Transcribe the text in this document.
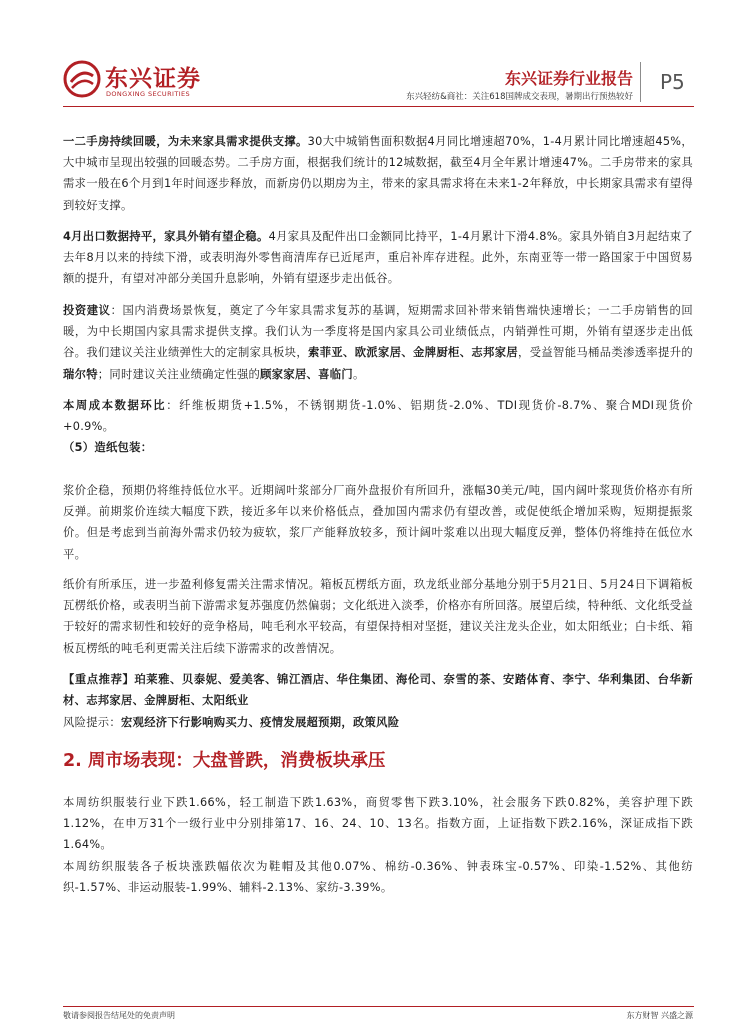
东兴证券
DONGXING SECURITIES
东兴证券行业报告
东兴轻纺&商社：关注618国牌成交表现，暑期出行预热较好
P5
一二手房持续回暖，为未来家具需求提供支撑。30大中城销售面积数据4月同比增速超70%，1-4月累计同比增速超45%，大中城市呈现出较强的回暖态势。二手房方面，根据我们统计的12城数据，截至4月全年累计增速47%。二手房带来的家具需求一般在6个月到1年时间逐步释放，而新房仍以期房为主，带来的家具需求将在未来1-2年释放，中长期家具需求有望得到较好支撑。
4月出口数据持平，家具外销有望企稳。4月家具及配件出口金额同比持平，1-4月累计下滑4.8%。家具外销自3月起结束了去年8月以来的持续下滑，或表明海外零售商清库存已近尾声，重启补库存进程。此外，东南亚等一带一路国家于中国贸易额的提升，有望对冲部分美国升息影响，外销有望逐步走出低谷。
投资建议：国内消费场景恢复，奠定了今年家具需求复苏的基调，短期需求回补带来销售端快速增长；一二手房销售的回暖，为中长期国内家具需求提供支撑。我们认为一季度将是国内家具公司业绩低点，内销弹性可期，外销有望逐步走出低谷。我们建议关注业绩弹性大的定制家具板块，索菲亚、欧派家居、金牌厨柜、志邦家居，受益智能马桶品类渗透率提升的瑞尔特；同时建议关注业绩确定性强的顾家家居、喜临门。
本周成本数据环比：纤维板期货+1.5%，不锈钢期货-1.0%、铝期货-2.0%、TDI现货价-8.7%、聚合MDI现货价+0.9%。
（5）造纸包装：
浆价企稳，预期仍将维持低位水平。近期阔叶浆部分厂商外盘报价有所回升，涨幅30美元/吨，国内阔叶浆现货价格亦有所反弹。前期浆价连续大幅度下跌，接近多年以来价格低点，叠加国内需求仍有望改善，或促使纸企增加采购，短期提振浆价。但是考虑到当前海外需求仍较为疲软，浆厂产能释放较多，预计阔叶浆难以出现大幅度反弹，整体仍将维持在低位水平。
纸价有所承压，进一步盈利修复需关注需求情况。箱板瓦楞纸方面，玖龙纸业部分基地分别于5月21日、5月24日下调箱板瓦楞纸价格，或表明当前下游需求复苏强度仍然偏弱；文化纸进入淡季，价格亦有所回落。展望后续，特种纸、文化纸受益于较好的需求韧性和较好的竞争格局，吨毛利水平较高，有望保持相对坚挺，建议关注龙头企业，如太阳纸业；白卡纸、箱板瓦楞纸的吨毛利更需关注后续下游需求的改善情况。
【重点推荐】珀莱雅、贝泰妮、爱美客、锦江酒店、华住集团、海伦司、奈雪的茶、安踏体育、李宁、华利集团、台华新材、志邦家居、金牌厨柜、太阳纸业
风险提示：宏观经济下行影响购买力、疫情发展超预期，政策风险
2. 周市场表现：大盘普跌，消费板块承压
本周纺织服装行业下跌1.66%，轻工制造下跌1.63%，商贸零售下跌3.10%，社会服务下跌0.82%，美容护理下跌1.12%，在申万31个一级行业中分别排第17、16、24、10、13名。指数方面，上证指数下跌2.16%，深证成指下跌1.64%。
本周纺织服装各子板块涨跌幅依次为鞋帽及其他0.07%、棉纺-0.36%、钟表珠宝-0.57%、印染-1.52%、其他纺织-1.57%、非运动服装-1.99%、辅料-2.13%、家纺-3.39%。
敬请参阅报告结尾处的免责声明	东方财智 兴盛之源
